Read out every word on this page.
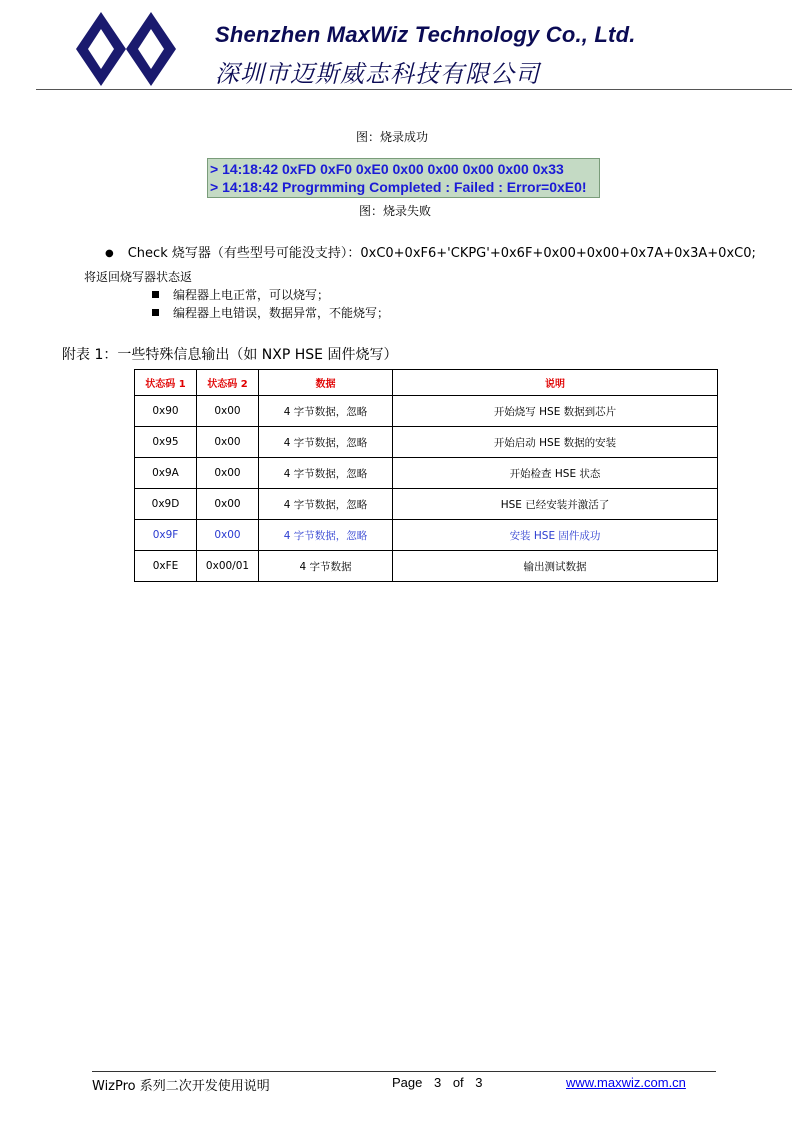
Shenzhen MaxWiz Technology Co., Ltd.
深圳市迈斯威志科技有限公司
图：烧录成功
> 14:18:42 0xFD 0xF0 0xE0 0x00 0x00 0x00 0x00 0x33
> 14:18:42 Progrmming Completed : Failed : Error=0xE0!
图：烧录失败
● Check 烧写器（有些型号可能没支持）：0xC0+0xF6+'CKPG'+0x6F+0x00+0x00+0x7A+0x3A+0xC0;
将返回烧写器状态返
编程器上电正常，可以烧写；
编程器上电错误，数据异常，不能烧写；
附表 1：一些特殊信息输出（如 NXP HSE 固件烧写）
状态码 1	状态码 2	数据	说明
0x90	0x00	4 字节数据，忽略	开始烧写 HSE 数据到芯片
0x95	0x00	4 字节数据，忽略	开始启动 HSE 数据的安装
0x9A	0x00	4 字节数据，忽略	开始检查 HSE 状态
0x9D	0x00	4 字节数据，忽略	HSE 已经安装并激活了
0x9F	0x00	4 字节数据，忽略	安装 HSE 固件成功
0xFE	0x00/01	4 字节数据	输出测试数据
WizPro 系列二次开发使用说明	Page 3 of 3	www.maxwiz.com.cn
